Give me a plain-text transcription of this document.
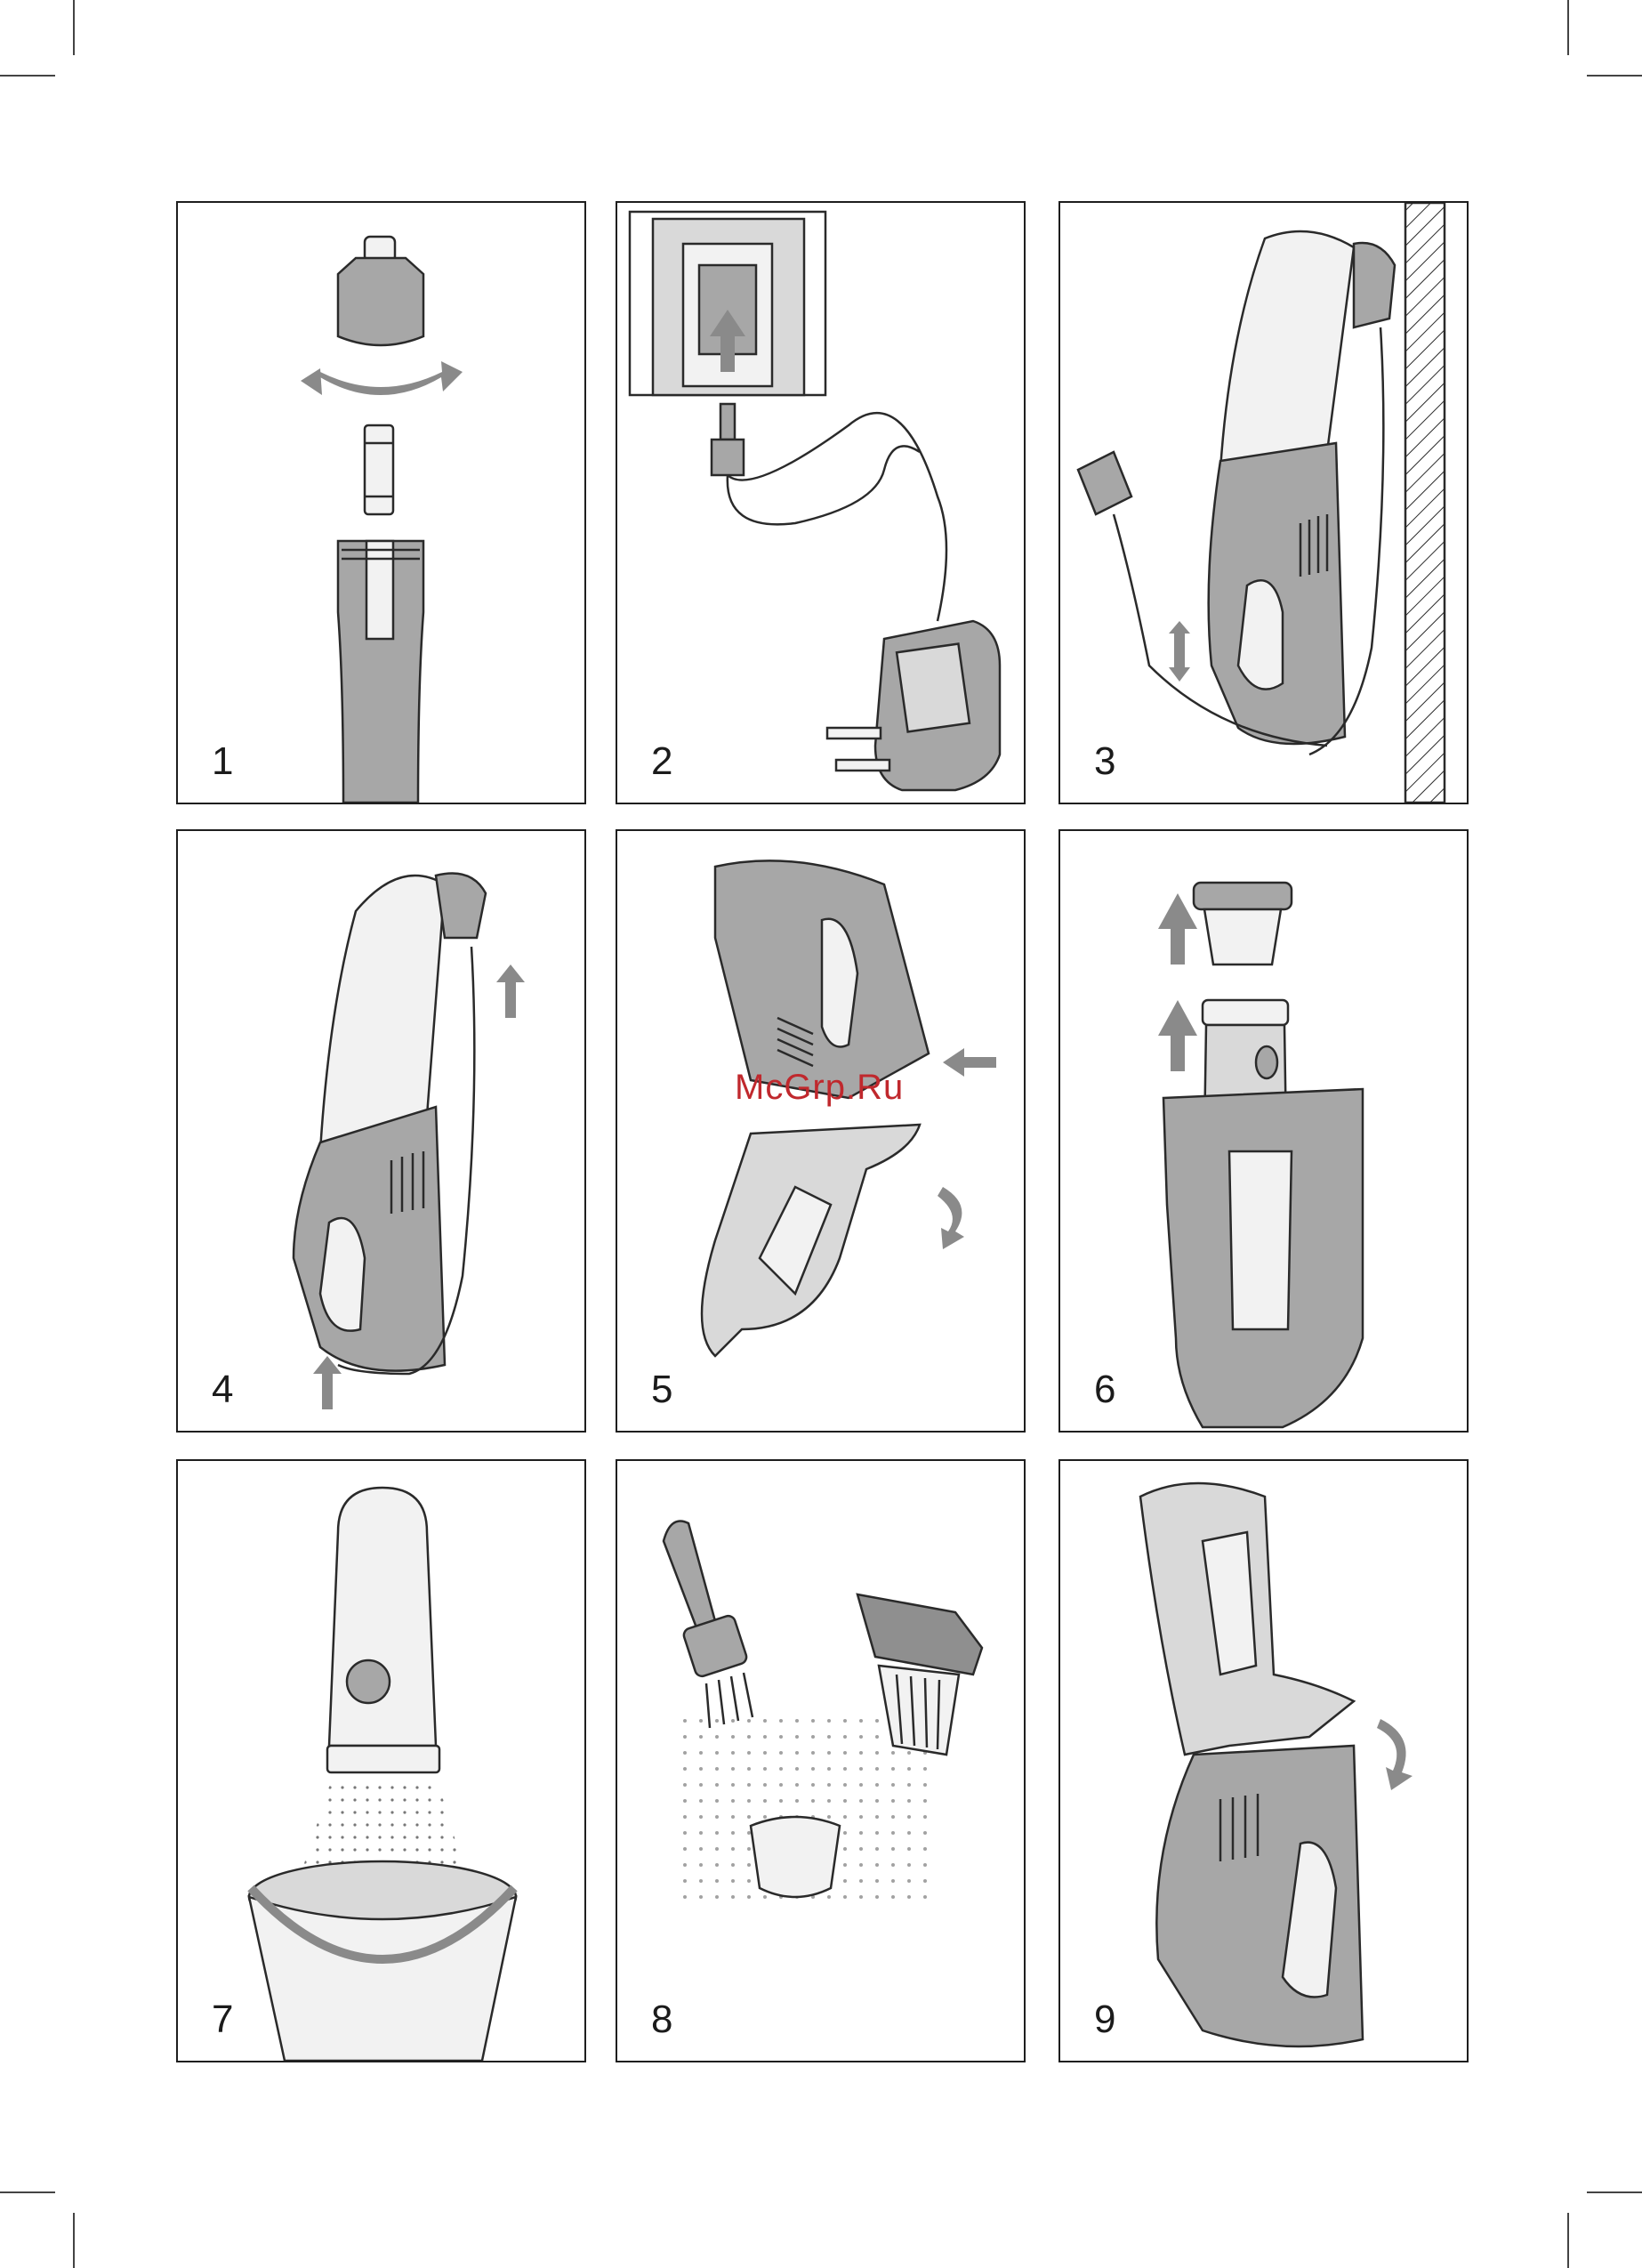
1	2	3
4	5	6
7	8	9
McGrp.Ru
